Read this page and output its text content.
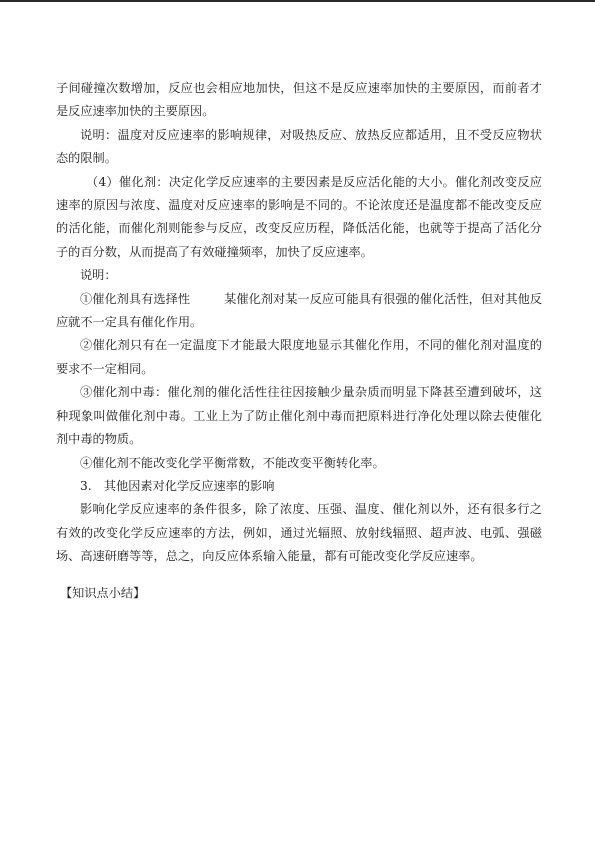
子间碰撞次数增加，反应也会相应地加快，但这不是反应速率加快的主要原因，而前者才是反应速率加快的主要原因。

说明：温度对反应速率的影响规律，对吸热反应、放热反应都适用，且不受反应物状态的限制。

（4）催化剂：决定化学反应速率的主要因素是反应活化能的大小。催化剂改变反应速率的原因与浓度、温度对反应速率的影响是不同的。不论浓度还是温度都不能改变反应的活化能，而催化剂则能参与反应，改变反应历程，降低活化能，也就等于提高了活化分子的百分数，从而提高了有效碰撞频率，加快了反应速率。

说明：

①催化剂具有选择性	某催化剂对某一反应可能具有很强的催化活性，但对其他反应就不一定具有催化作用。

②催化剂只有在一定温度下才能最大限度地显示其催化作用，不同的催化剂对温度的要求不一定相同。

③催化剂中毒：催化剂的催化活性往往因接触少量杂质而明显下降甚至遭到破坏，这种现象叫做催化剂中毒。工业上为了防止催化剂中毒而把原料进行净化处理以除去使催化剂中毒的物质。

④催化剂不能改变化学平衡常数，不能改变平衡转化率。

3.　其他因素对化学反应速率的影响

影响化学反应速率的条件很多，除了浓度、压强、温度、催化剂以外，还有很多行之有效的改变化学反应速率的方法，例如，通过光辐照、放射线辐照、超声波、电弧、强磁场、高速研磨等等，总之，向反应体系输入能量，都有可能改变化学反应速率。

【知识点小结】
